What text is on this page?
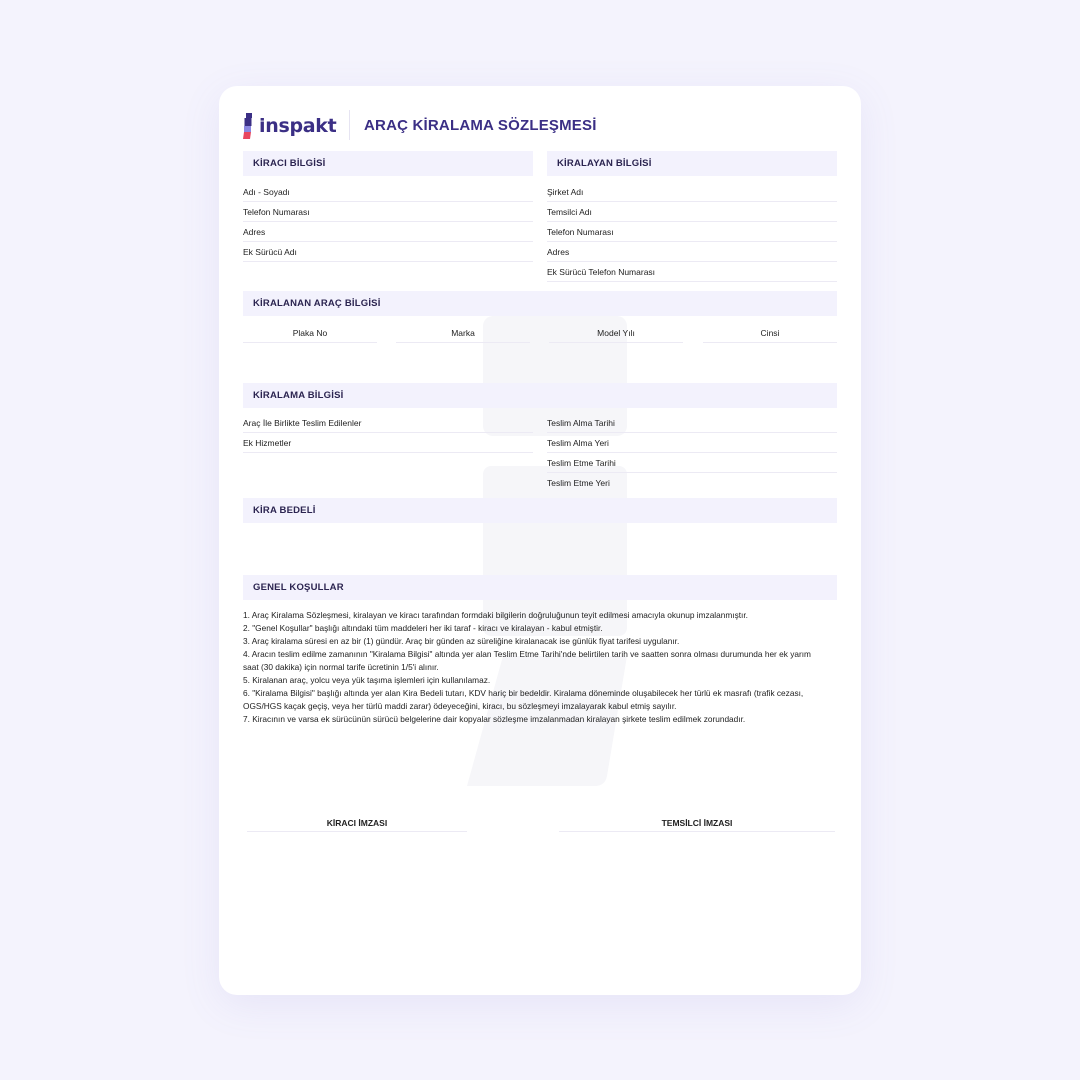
inspakt ARAÇ KİRALAMA SÖZLEŞMESİ
KİRACI BİLGİSİ	KİRALAYAN BİLGİSİ
Adı - Soyadı
Telefon Numarası
Adres
Ek Sürücü Adı
Şirket Adı
Temsilci Adı
Telefon Numarası
Adres
Ek Sürücü Telefon Numarası
KİRALANAN ARAÇ BİLGİSİ
Plaka No	Marka	Model Yılı	Cinsi
KİRALAMA BİLGİSİ
Araç İle Birlikte Teslim Edilenler
Ek Hizmetler
Teslim Alma Tarihi
Teslim Alma Yeri
Teslim Etme Tarihi
Teslim Etme Yeri
KİRA BEDELİ
GENEL KOŞULLAR

1. Araç Kiralama Sözleşmesi, kiralayan ve kiracı tarafından formdaki bilgilerin doğruluğunun teyit edilmesi amacıyla okunup imzalanmıştır.

2. "Genel Koşullar" başlığı altındaki tüm maddeleri her iki taraf - kiracı ve kiralayan - kabul etmiştir.

3. Araç kiralama süresi en az bir (1) gündür. Araç bir günden az süreliğine kiralanacak ise günlük fiyat tarifesi uygulanır.

4. Aracın teslim edilme zamanının "Kiralama Bilgisi" altında yer alan Teslim Etme Tarihi'nde belirtilen tarih ve saatten sonra olması durumunda her ek yarım saat (30 dakika) için normal tarife ücretinin 1/5'i alınır.

5. Kiralanan araç, yolcu veya yük taşıma işlemleri için kullanılamaz.

6. "Kiralama Bilgisi" başlığı altında yer alan Kira Bedeli tutarı, KDV hariç bir bedeldir. Kiralama döneminde oluşabilecek her türlü ek masrafı (trafik cezası, OGS/HGS kaçak geçiş, veya her türlü maddi zarar) ödeyeceğini, kiracı, bu sözleşmeyi imzalayarak kabul etmiş sayılır.

7. Kiracının ve varsa ek sürücünün sürücü belgelerine dair kopyalar sözleşme imzalanmadan kiralayan şirkete teslim edilmek zorundadır.

KİRACI İMZASI	TEMSİLCİ İMZASI
